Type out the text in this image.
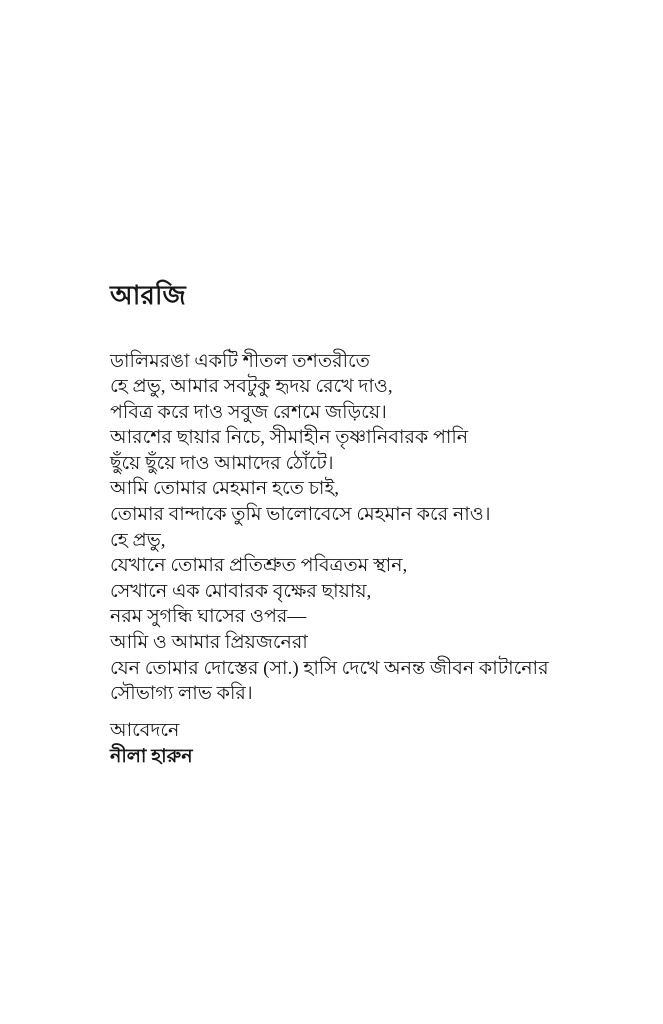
আরজি
ডালিমরঙা একটি শীতল তশতরীতে
হে প্রভু, আমার সবটুকু হৃদয় রেখে দাও,
পবিত্র করে দাও সবুজ রেশমে জড়িয়ে।
আরশের ছায়ার নিচে, সীমাহীন তৃষ্ণানিবারক পানি
ছুঁয়ে ছুঁয়ে দাও আমাদের ঠোঁটে।
আমি তোমার মেহমান হতে চাই,
তোমার বান্দাকে তুমি ভালোবেসে মেহমান করে নাও।
হে প্রভু,
যেখানে তোমার প্রতিশ্রুত পবিত্রতম স্থান,
সেখানে এক মোবারক বৃক্ষের ছায়ায়,
নরম সুগন্ধি ঘাসের ওপর—
আমি ও আমার প্রিয়জনেরা
যেন তোমার দোস্তের (সা.) হাসি দেখে অনন্ত জীবন কাটানোর
সৌভাগ্য লাভ করি।
আবেদনে
নীলা হারুন
